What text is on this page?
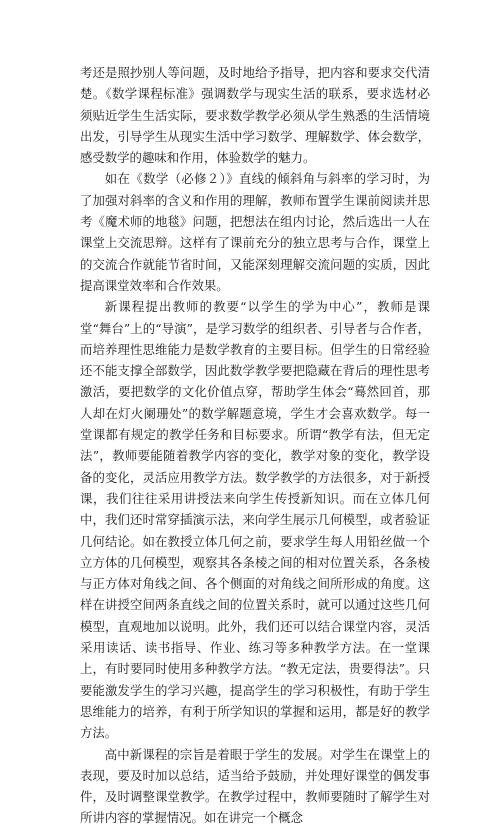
考还是照抄别人等问题，及时地给予指导，把内容和要求交代清楚。《数学课程标准》强调数学与现实生活的联系，要求选材必须贴近学生生活实际，要求数学教学必须从学生熟悉的生活情境出发，引导学生从现实生活中学习数学、理解数学、体会数学，感受数学的趣味和作用，体验数学的魅力。

如在《数学（必修２）》直线的倾斜角与斜率的学习时，为了加强对斜率的含义和作用的理解，教师布置学生课前阅读并思考《魔术师的地毯》问题，把想法在组内讨论，然后选出一人在课堂上交流思辩。这样有了课前充分的独立思考与合作，课堂上的交流合作就能节省时间，又能深刻理解交流问题的实质，因此提高课堂效率和合作效果。

新课程提出教师的教要“以学生的学为中心”，教师是课堂“舞台”上的“导演”，是学习数学的组织者、引导者与合作者，而培养理性思维能力是数学教育的主要目标。但学生的日常经验还不能支撑全部数学，因此数学教学要把隐藏在背后的理性思考激活，要把数学的文化价值点穿，帮助学生体会“蓦然回首，那人却在灯火阑珊处”的数学解题意境，学生才会喜欢数学。每一堂课都有规定的教学任务和目标要求。所谓“教学有法，但无定法”，教师要能随着教学内容的变化，教学对象的变化，教学设备的变化，灵活应用教学方法。数学教学的方法很多，对于新授课，我们往往采用讲授法来向学生传授新知识。而在立体几何中，我们还时常穿插演示法，来向学生展示几何模型，或者验证几何结论。如在教授立体几何之前，要求学生每人用铅丝做一个立方体的几何模型，观察其各条棱之间的相对位置关系，各条棱与正方体对角线之间、各个侧面的对角线之间所形成的角度。这样在讲授空间两条直线之间的位置关系时，就可以通过这些几何模型，直观地加以说明。此外，我们还可以结合课堂内容，灵活采用读话、读书指导、作业、练习等多种教学方法。在一堂课上，有时要同时使用多种教学方法。“教无定法，贵要得法”。只要能激发学生的学习兴趣，提高学生的学习积极性，有助于学生思维能力的培养，有利于所学知识的掌握和运用，都是好的教学方法。

高中新课程的宗旨是着眼于学生的发展。对学生在课堂上的表现，要及时加以总结，适当给予鼓励，并处理好课堂的偶发事件，及时调整课堂教学。在教学过程中，教师要随时了解学生对所讲内容的掌握情况。如在讲完一个概念
